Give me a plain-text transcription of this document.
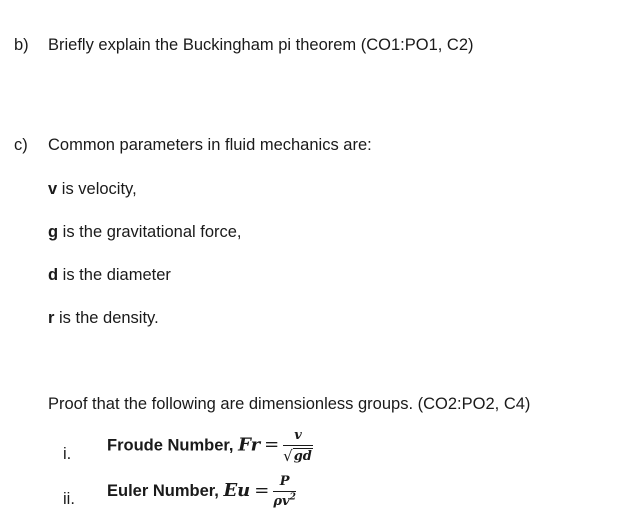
b) Briefly explain the Buckingham pi theorem (CO1:PO1, C2)
c) Common parameters in fluid mechanics are:
v is velocity,
g is the gravitational force,
d is the diameter
r is the density.
Proof that the following are dimensionless groups. (CO2:PO2, C4)
i. Froude Number, $Fr = \frac{v}{√ gd}$
ii. Euler Number, $Eu = \frac{P}{\rho v^2}$
